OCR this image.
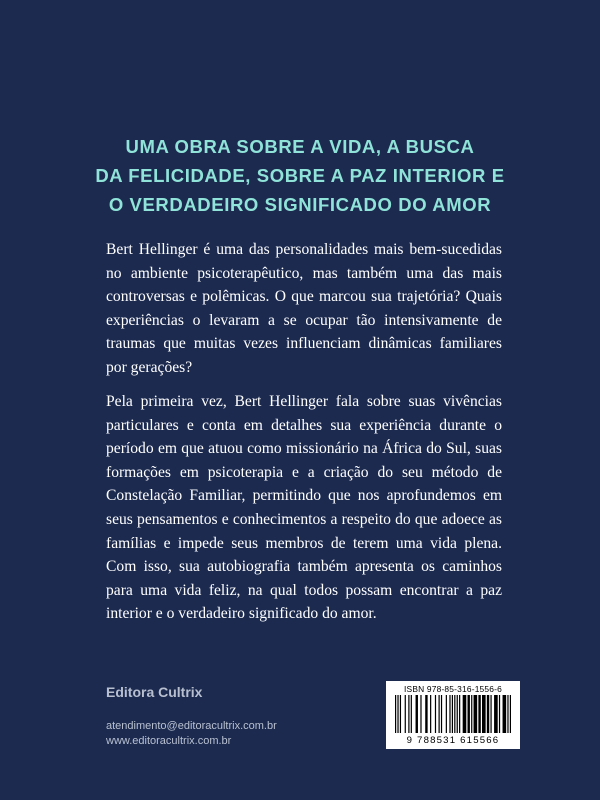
UMA OBRA SOBRE A VIDA, A BUSCA
DA FELICIDADE, SOBRE A PAZ INTERIOR E
O VERDADEIRO SIGNIFICADO DO AMOR

Bert Hellinger é uma das personalidades mais bem-sucedidas no ambiente psicoterapêutico, mas também uma das mais controversas e polêmicas. O que marcou sua trajetória? Quais experiências o levaram a se ocupar tão intensivamente de traumas que muitas vezes influenciam dinâmicas familiares por gerações?

Pela primeira vez, Bert Hellinger fala sobre suas vivências particulares e conta em detalhes sua experiência durante o período em que atuou como missionário na África do Sul, suas formações em psicoterapia e a criação do seu método de Constelação Familiar, permitindo que nos aprofundemos em seus pensamentos e conhecimentos a respeito do que adoece as famílias e impede seus membros de terem uma vida plena. Com isso, sua autobiografia também apresenta os caminhos para uma vida feliz, na qual todos possam encontrar a paz interior e o verdadeiro significado do amor.

Editora Cultrix
atendimento@editoracultrix.com.br
www.editoracultrix.com.br
ISBN 978-85-316-1556-6
9 788531 615566
